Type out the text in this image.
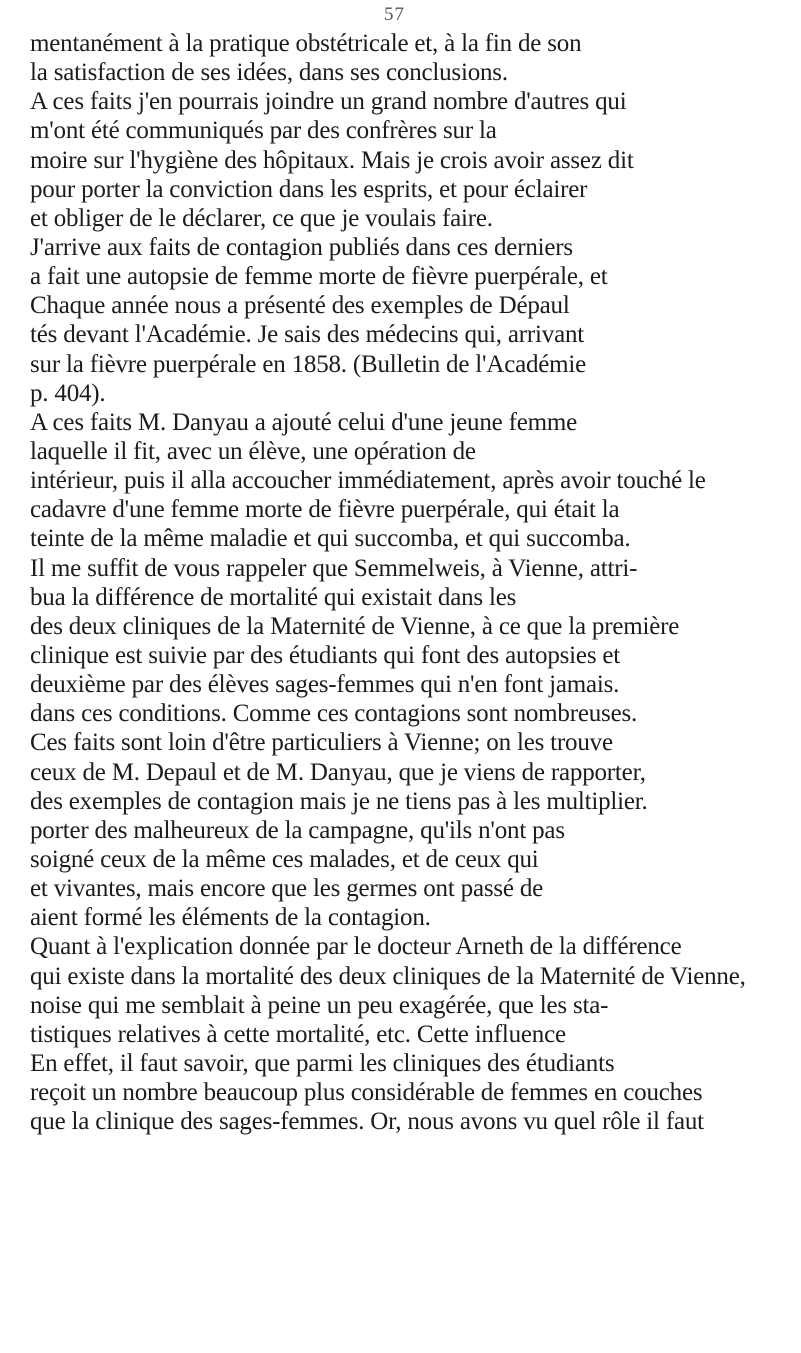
57
mentanément à la pratique obstétricale et, à la fin de son
la satisfaction de ses idées, dans ses conclusions.
A ces faits j'en pourrais joindre un grand nombre d'autres qui
m'ont été communiqués par des confrères sur la
moire sur l'hygiène des hôpitaux. Mais je crois avoir assez dit
pour porter la conviction dans les esprits, et pour éclairer
et obliger de le déclarer, ce que je voulais faire.
J'arrive aux faits de contagion publiés dans ces derniers
a fait une autopsie de femme morte de fièvre puerpérale, et
Chaque année nous a présenté des exemples de Dépaul
tés devant l'Académie. Je sais des médecins qui, arrivant
sur la fièvre puerpérale en 1858. (Bulletin de l'Académie
p. 404).
A ces faits M. Danyau a ajouté celui d'une jeune femme
laquelle il fit, avec un élève, une opération de
intérieur, puis il alla accoucher immédiatement, après avoir touché le
cadavre d'une femme morte de fièvre puerpérale, qui était la
teinte de la même maladie et qui succomba, et qui succomba.
Il me suffit de vous rappeler que Semmelweis, à Vienne, attri-
bua la différence de mortalité qui existait dans les
des deux cliniques de la Maternité de Vienne, à ce que la première
clinique est suivie par des étudiants qui font des autopsies et
deuxième par des élèves sages-femmes qui n'en font jamais.
dans ces conditions. Comme ces contagions sont nombreuses.
Ces faits sont loin d'être particuliers à Vienne; on les trouve
ceux de M. Depaul et de M. Danyau, que je viens de rapporter,
des exemples de contagion mais je ne tiens pas à les multiplier.
porter des malheureux de la campagne, qu'ils n'ont pas
soigné ceux de la même ces malades, et de ceux qui
et vivantes, mais encore que les germes ont passé de
aient formé les éléments de la contagion.
Quant à l'explication donnée par le docteur Arneth de la différence
qui existe dans la mortalité des deux cliniques de la Maternité de Vienne,
noise qui me semblait à peine un peu exagérée, que les sta-
tistiques relatives à cette mortalité, etc. Cette influence
En effet, il faut savoir, que parmi les cliniques des étudiants
reçoit un nombre beaucoup plus considérable de femmes en couches
que la clinique des sages-femmes. Or, nous avons vu quel rôle il faut
